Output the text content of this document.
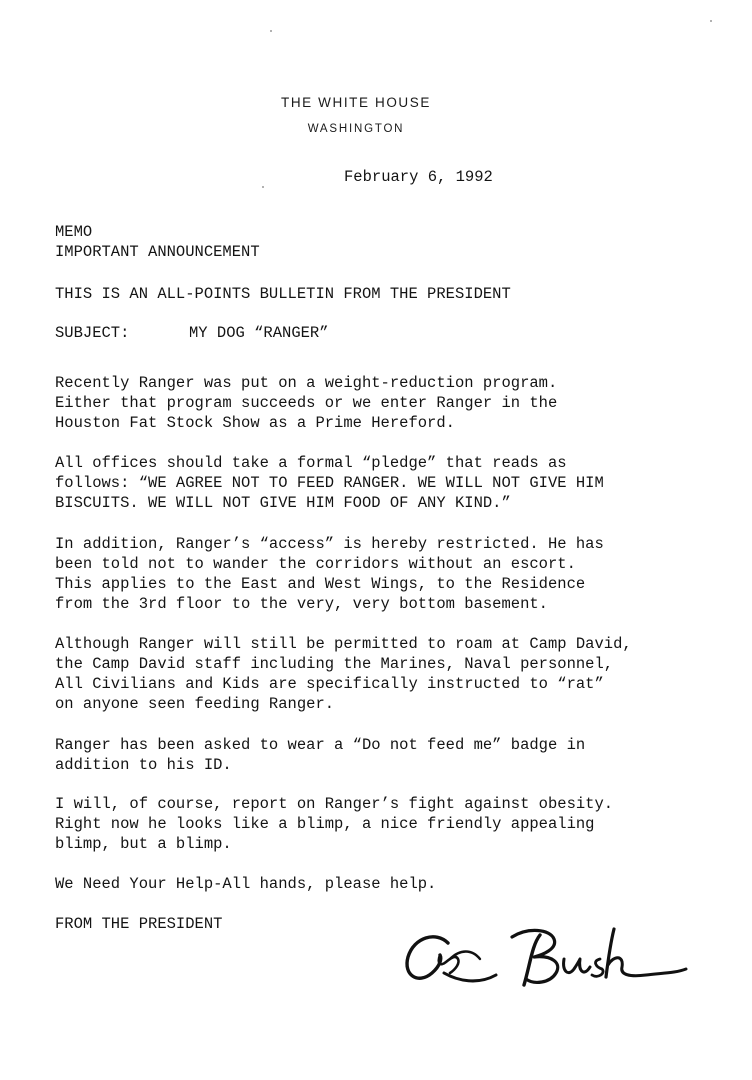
THE WHITE HOUSE
WASHINGTON
February 6, 1992
MEMO
IMPORTANT ANNOUNCEMENT
THIS IS AN ALL-POINTS BULLETIN FROM THE PRESIDENT
SUBJECT:	MY DOG “RANGER”

Recently Ranger was put on a weight-reduction program.
Either that program succeeds or we enter Ranger in the
Houston Fat Stock Show as a Prime Hereford.

All offices should take a formal “pledge” that reads as
follows: “WE AGREE NOT TO FEED RANGER. WE WILL NOT GIVE HIM
BISCUITS. WE WILL NOT GIVE HIM FOOD OF ANY KIND.”

In addition, Ranger’s “access” is hereby restricted. He has
been told not to wander the corridors without an escort.
This applies to the East and West Wings, to the Residence
from the 3rd floor to the very, very bottom basement.

Although Ranger will still be permitted to roam at Camp David,
the Camp David staff including the Marines, Naval personnel,
All Civilians and Kids are specifically instructed to “rat”
on anyone seen feeding Ranger.

Ranger has been asked to wear a “Do not feed me” badge in
addition to his ID.

I will, of course, report on Ranger’s fight against obesity.
Right now he looks like a blimp, a nice friendly appealing
blimp, but a blimp.

We Need Your Help-All hands, please help.

FROM THE PRESIDENT
